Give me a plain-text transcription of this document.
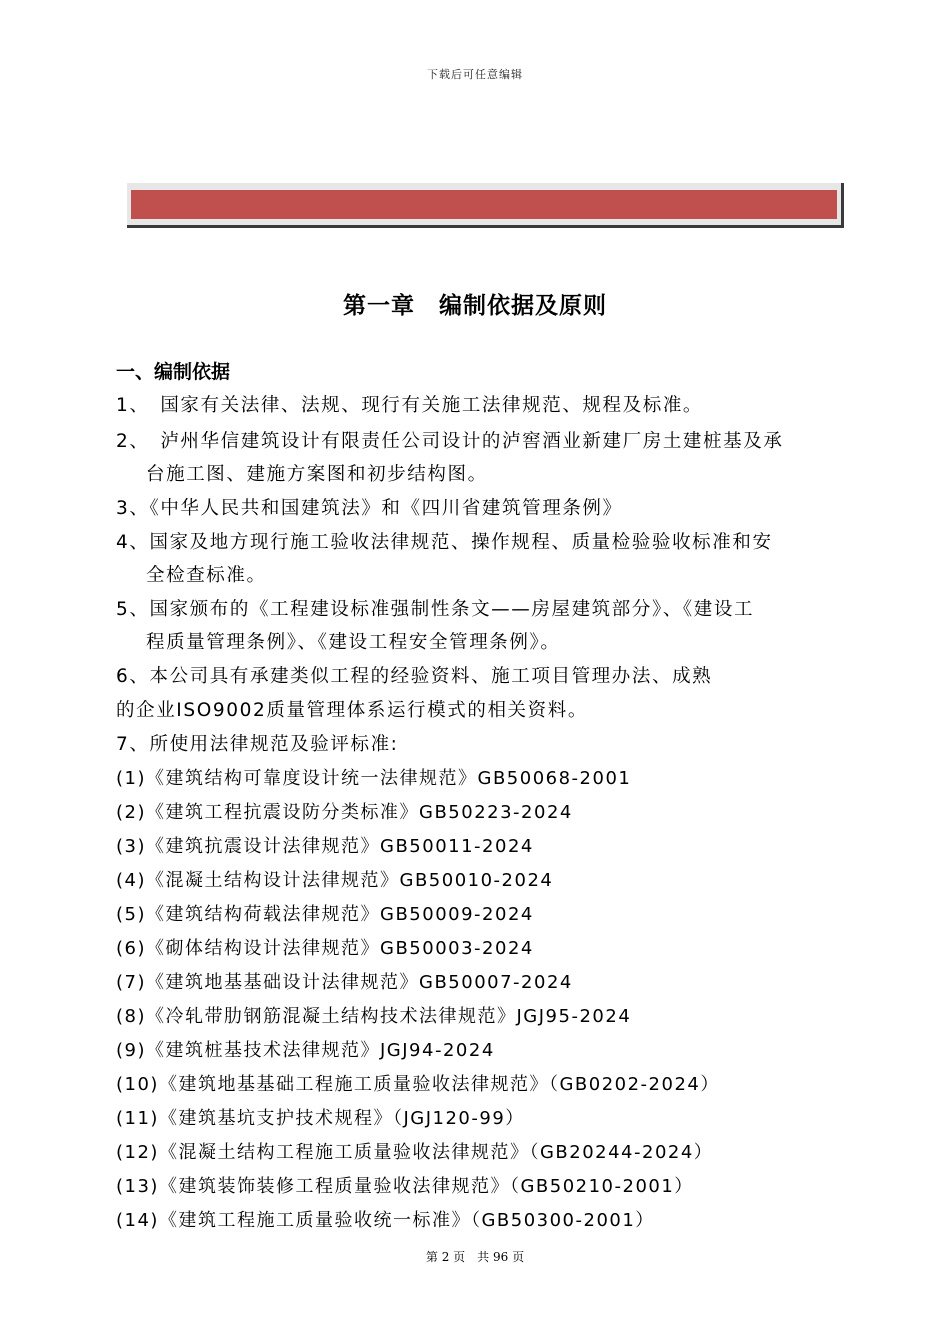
下载后可任意编辑
第一章　编制依据及原则
一、编制依据
1、　国家有关法律、法规、现行有关施工法律规范、规程及标准。
2、　泸州华信建筑设计有限责任公司设计的泸窖酒业新建厂房土建桩基及承
台施工图、建施方案图和初步结构图。
3、《中华人民共和国建筑法》和《四川省建筑管理条例》
4、国家及地方现行施工验收法律规范、操作规程、质量检验验收标准和安
全检查标准。
5、国家颁布的《工程建设标准强制性条文——房屋建筑部分》、《建设工
程质量管理条例》、《建设工程安全管理条例》。
6、本公司具有承建类似工程的经验资料、施工项目管理办法、成熟
的企业ISO9002质量管理体系运行模式的相关资料。
7、所使用法律规范及验评标准:
(1)《建筑结构可靠度设计统一法律规范》GB50068-2001
(2)《建筑工程抗震设防分类标准》GB50223-2024
(3)《建筑抗震设计法律规范》GB50011-2024
(4)《混凝土结构设计法律规范》GB50010-2024
(5)《建筑结构荷载法律规范》GB50009-2024
(6)《砌体结构设计法律规范》GB50003-2024
(7)《建筑地基基础设计法律规范》GB50007-2024
(8)《冷轧带肋钢筋混凝土结构技术法律规范》JGJ95-2024
(9)《建筑桩基技术法律规范》JGJ94-2024
(10)《建筑地基基础工程施工质量验收法律规范》（GB0202-2024）
(11)《建筑基坑支护技术规程》（JGJ120-99）
(12)《混凝土结构工程施工质量验收法律规范》（GB20244-2024）
(13)《建筑装饰装修工程质量验收法律规范》（GB50210-2001）
(14)《建筑工程施工质量验收统一标准》（GB50300-2001）
第 2 页　共 96 页
